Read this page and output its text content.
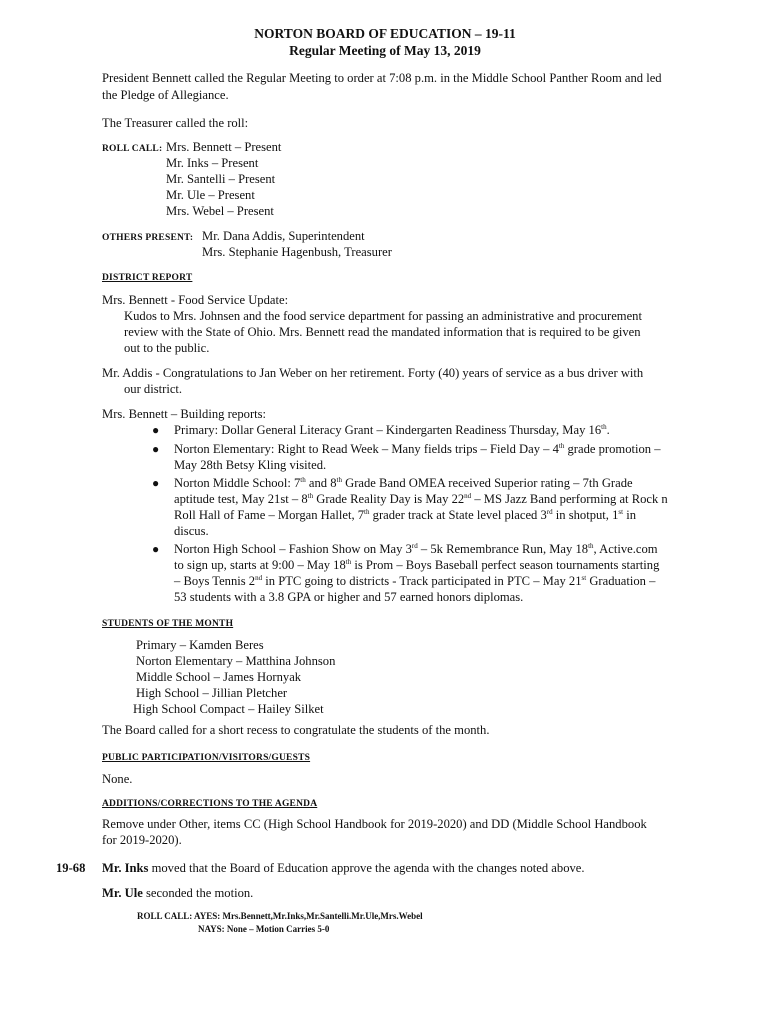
NORTON BOARD OF EDUCATION – 19-11
Regular Meeting of May 13, 2019
President Bennett called the Regular Meeting to order at 7:08 p.m. in the Middle School Panther Room and led
the Pledge of Allegiance.
The Treasurer called the roll:
ROLL CALL: Mrs. Bennett – Present
Mr. Inks – Present
Mr. Santelli – Present
Mr. Ule – Present
Mrs. Webel – Present
OTHERS PRESENT: Mr. Dana Addis, Superintendent
Mrs. Stephanie Hagenbush, Treasurer
DISTRICT REPORT
Mrs. Bennett - Food Service Update:
Kudos to Mrs. Johnsen and the food service department for passing an administrative and procurement
review with the State of Ohio. Mrs. Bennett read the mandated information that is required to be given
out to the public.
Mr. Addis - Congratulations to Jan Weber on her retirement. Forty (40) years of service as a bus driver with
our district.
Mrs. Bennett – Building reports:
● Primary: Dollar General Literacy Grant – Kindergarten Readiness Thursday, May 16th.
● Norton Elementary: Right to Read Week – Many fields trips – Field Day – 4th grade promotion –
May 28th Betsy Kling visited.
● Norton Middle School: 7th and 8th Grade Band OMEA received Superior rating – 7th Grade
aptitude test, May 21st – 8th Grade Reality Day is May 22nd – MS Jazz Band performing at Rock n
Roll Hall of Fame – Morgan Hallet, 7th grader track at State level placed 3rd in shotput, 1st in
discus.
● Norton High School – Fashion Show on May 3rd – 5k Remembrance Run, May 18th, Active.com
to sign up, starts at 9:00 – May 18th is Prom – Boys Baseball perfect season tournaments starting
– Boys Tennis 2nd in PTC going to districts - Track participated in PTC – May 21st Graduation –
53 students with a 3.8 GPA or higher and 57 earned honors diplomas.
STUDENTS OF THE MONTH
Primary – Kamden Beres
Norton Elementary – Matthina Johnson
Middle School – James Hornyak
High School – Jillian Pletcher
High School Compact – Hailey Silket
The Board called for a short recess to congratulate the students of the month.
PUBLIC PARTICIPATION/VISITORS/GUESTS
None.
ADDITIONS/CORRECTIONS TO THE AGENDA
Remove under Other, items CC (High School Handbook for 2019-2020) and DD (Middle School Handbook
for 2019-2020).
19-68 Mr. Inks moved that the Board of Education approve the agenda with the changes noted above.
Mr. Ule seconded the motion.
ROLL CALL: AYES: Mrs.Bennett,Mr.Inks,Mr.Santelli.Mr.Ule,Mrs.Webel
NAYS: None – Motion Carries 5-0
